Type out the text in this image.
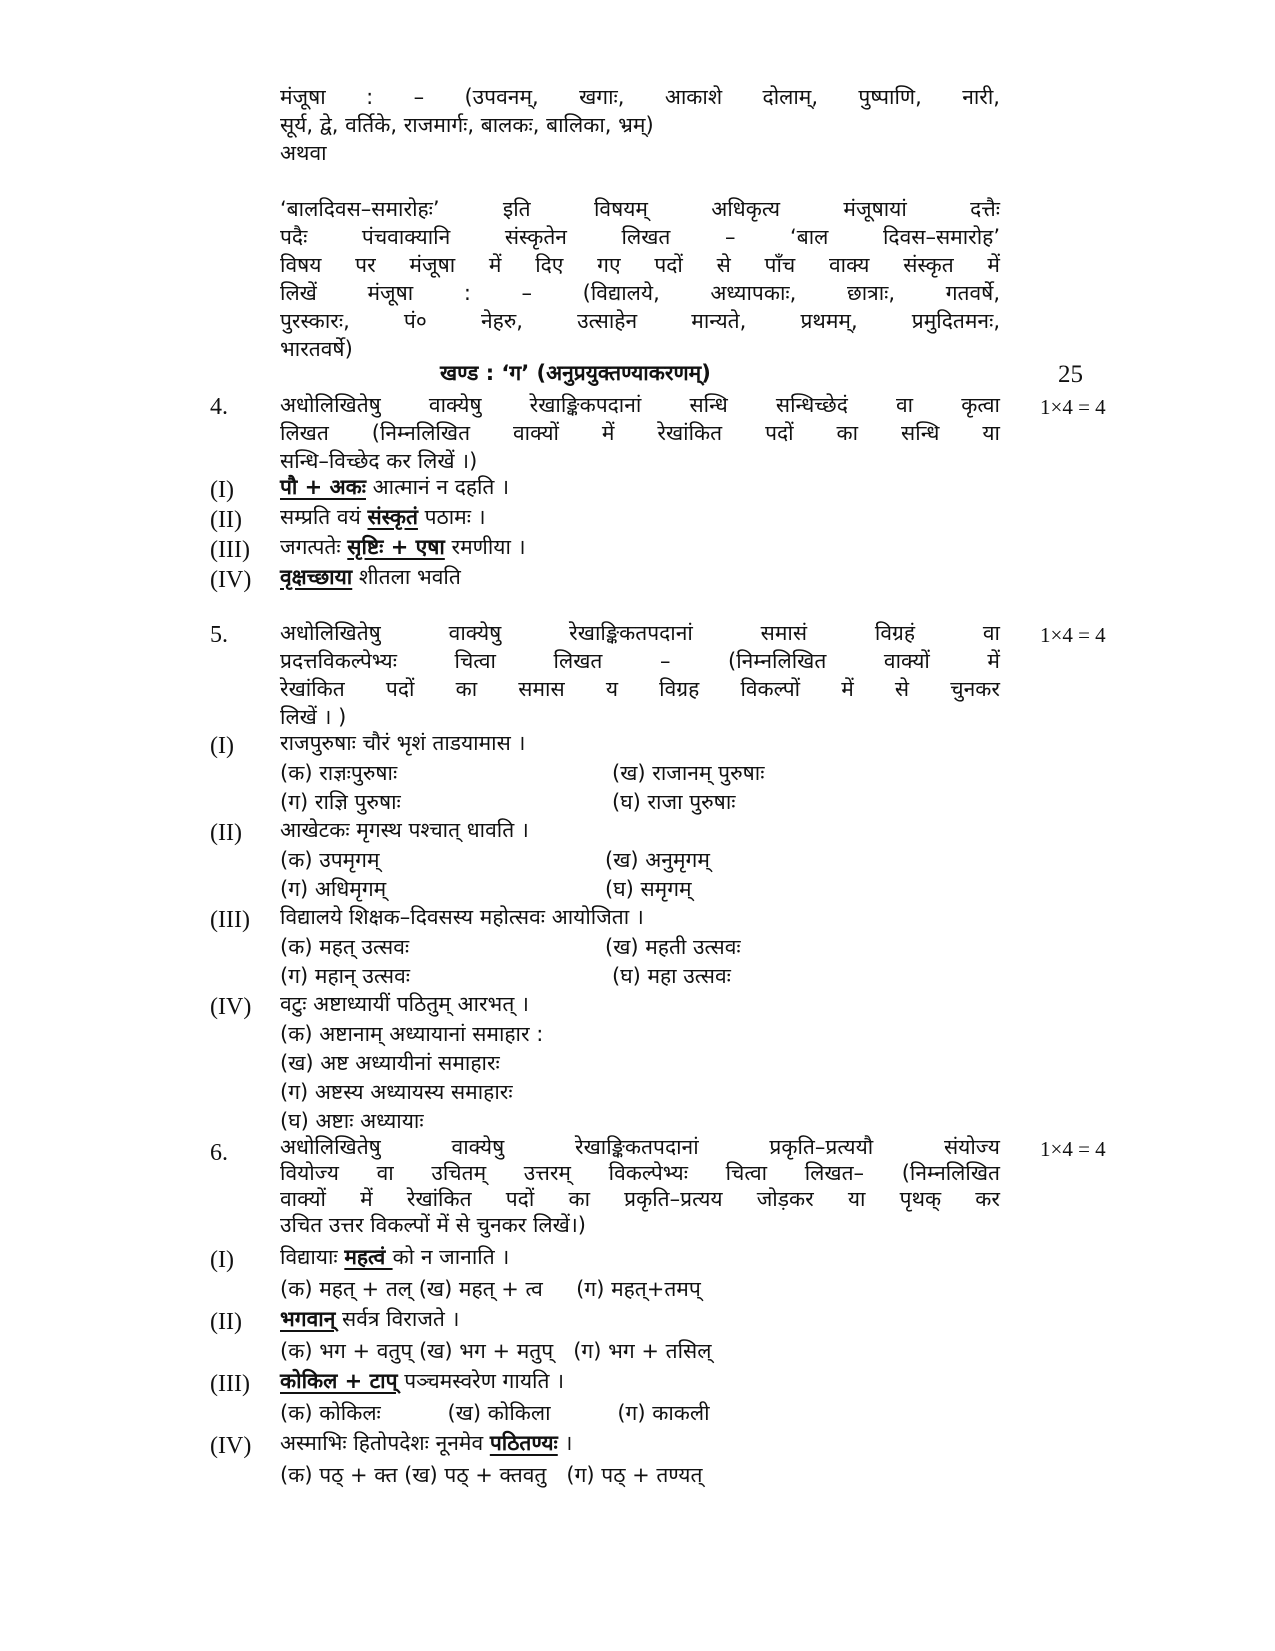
मंजूषा : – (उपवनम्, खगाः, आकाशे दोलाम्, पुष्पाणि, नारी,
सूर्य, द्वे, वर्तिके, राजमार्गः, बालकः, बालिका, भ्रम्)
अथवा
‘बालदिवस–समारोहः’ इति विषयम् अधिकृत्य मंजूषायां दत्तैः
पदैः पंचवाक्यानि संस्कृतेन लिखत – ‘बाल दिवस–समारोह’
विषय पर मंजूषा में दिए गए पदों से पाँच वाक्य संस्कृत में
लिखें मंजूषा : – (विद्यालये, अध्यापकाः, छात्राः, गतवर्षे,
पुरस्कारः, पं० नेहरु, उत्साहेन मान्यते, प्रथमम्, प्रमुदितमनः,
भारतवर्षे)
खण्ड : ‘ग’ (अनुप्रयुक्तण्याकरणम्)	25
4.	1×4 = 4
अधोलिखितेषु वाक्येषु रेखाङ्किकपदानां सन्धि सन्धिच्छेदं वा कृत्वा
लिखत (निम्नलिखित वाक्यों में रेखांकित पदों का सन्धि या
सन्धि–विच्छेद कर लिखें ।)
(I) पौ + अकः आत्मानं न दहति ।
(II) सम्प्रति वयं संस्कृतं पठामः ।
(III) जगत्पतेः सृष्टिः + एषा रमणीया ।
(IV) वृक्षच्छाया शीतला भवति
5.	1×4 = 4
अधोलिखितेषु वाक्येषु रेखाङ्किकतपदानां समासं विग्रहं वा
प्रदत्तविकल्पेभ्यः चित्वा लिखत – (निम्नलिखित वाक्यों में
रेखांकित पदों का समास य विग्रह विकल्पों में से चुनकर
लिखें । )
(I) राजपुरुषाः चौरं भृशं ताडयामास ।
(क) राज्ञःपुरुषाः	(ख) राजानम् पुरुषाः
(ग) राज्ञि पुरुषाः	(घ) राजा पुरुषाः
(II) आखेटकः मृगस्थ पश्चात् धावति ।
(क) उपमृगम्	(ख) अनुमृगम्
(ग) अधिमृगम्	(घ) समृगम्
(III) विद्यालये शिक्षक–दिवसस्य महोत्सवः आयोजिता ।
(क) महत् उत्सवः	(ख) महती उत्सवः
(ग) महान् उत्सवः	(घ) महा उत्सवः
(IV) वटुः अष्टाध्यायीं पठितुम् आरभत् ।
(क) अष्टानाम् अध्यायानां समाहार :
(ख) अष्ट अध्यायीनां समाहारः
(ग) अष्टस्य अध्यायस्य समाहारः
(घ) अष्टाः अध्यायाः
6.	1×4 = 4
अधोलिखितेषु वाक्येषु रेखाङ्किकतपदानां प्रकृति–प्रत्ययौ संयोज्य
वियोज्य वा उचितम् उत्तरम् विकल्पेभ्यः चित्वा लिखत– (निम्नलिखित
वाक्यों में रेखांकित पदों का प्रकृति–प्रत्यय जोड़कर या पृथक् कर
उचित उत्तर विकल्पों में से चुनकर लिखें।)
(I) विद्यायाः महत्वं को न जानाति ।
(क) महत् + तल् (ख) महत् + त्व     (ग) महत्+तमप्
(II) भगवान् सर्वत्र विराजते ।
(क) भग + वतुप् (ख) भग + मतुप्   (ग) भग + तसिल्
(III) कोकिल + टाप् पञ्चमस्वरेण गायति ।
(क) कोकिलः          (ख) कोकिला          (ग) काकली
(IV) अस्माभिः हितोपदेशः नूनमेव पठितण्यः ।
(क) पठ् + क्त (ख) पठ् + क्तवतु   (ग) पठ् + तण्यत्
